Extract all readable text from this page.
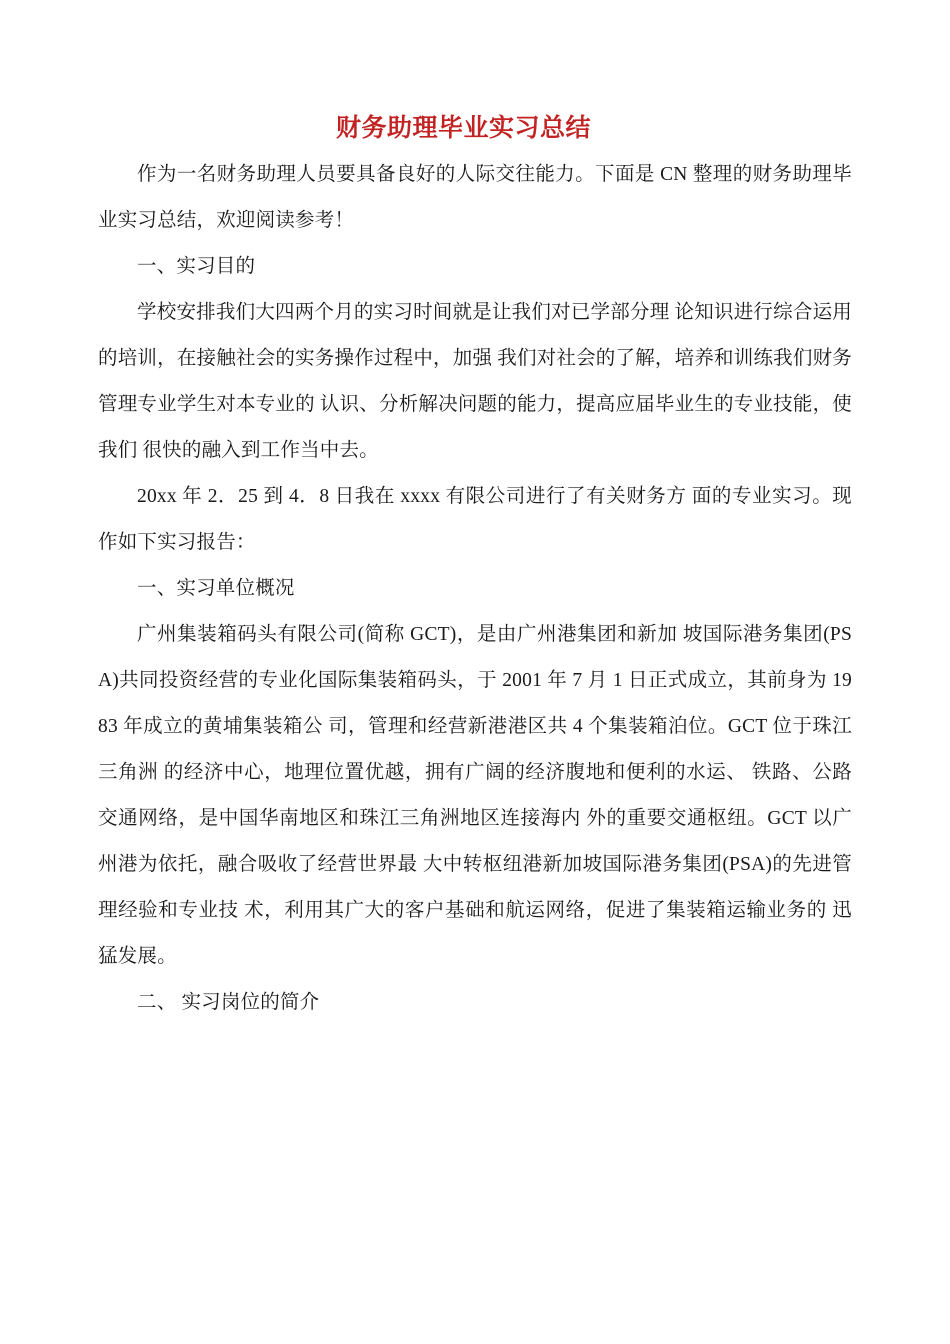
财务助理毕业实习总结

作为一名财务助理人员要具备良好的人际交往能力。下面是 CN 整理的财务助理毕业实习总结，欢迎阅读参考！

一、实习目的

学校安排我们大四两个月的实习时间就是让我们对已学部分理 论知识进行综合运用的培训，在接触社会的实务操作过程中，加强 我们对社会的了解，培养和训练我们财务管理专业学生对本专业的 认识、分析解决问题的能力，提高应届毕业生的专业技能，使我们 很快的融入到工作当中去。

20xx 年 2．25 到 4．8 日我在 xxxx 有限公司进行了有关财务方 面的专业实习。现作如下实习报告：

一、实习单位概况

广州集装箱码头有限公司(简称 GCT)，是由广州港集团和新加 坡国际港务集团(PSA)共同投资经营的专业化国际集装箱码头，于 2001 年 7 月 1 日正式成立，其前身为 1983 年成立的黄埔集装箱公 司，管理和经营新港港区共 4 个集装箱泊位。GCT 位于珠江三角洲 的经济中心，地理位置优越，拥有广阔的经济腹地和便利的水运、 铁路、公路交通网络，是中国华南地区和珠江三角洲地区连接海内 外的重要交通枢纽。GCT 以广州港为依托，融合吸收了经营世界最 大中转枢纽港新加坡国际港务集团(PSA)的先进管理经验和专业技 术，利用其广大的客户基础和航运网络，促进了集装箱运输业务的 迅猛发展。

二、 实习岗位的简介
